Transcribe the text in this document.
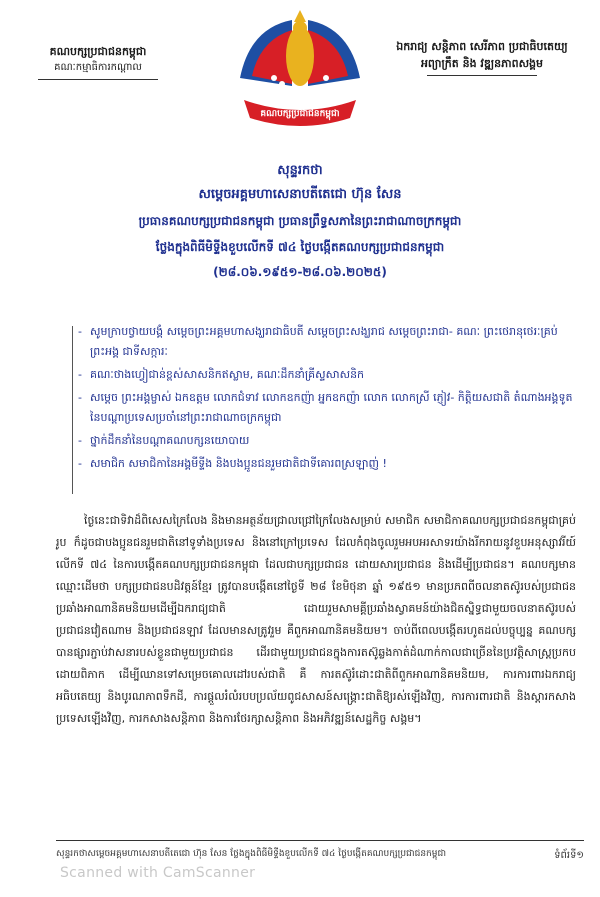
គណបក្សប្រជាជនកម្ពុជា
គណៈកម្មាធិការកណ្តាល
គណបក្សប្រជាជនកម្ពុជា
ឯករាជ្យ សន្តិភាព សេរីភាព ប្រជាធិបតេយ្យ
អព្យាក្រឹត និង វឌ្ឍនភាពសង្គម
សុន្ទរកថា
សម្តេចអគ្គមហាសេនាបតីតេជោ ហ៊ុន សែន
ប្រធានគណបក្សប្រជាជនកម្ពុជា ប្រធានព្រឹទ្ធសភានៃព្រះរាជាណាចក្រកម្ពុជា
ថ្លែងក្នុងពិធីមិទ្ទីងខួបលើកទី ៧៤ ថ្ងៃបង្កើតគណបក្សប្រជាជនកម្ពុជា
(២៨.០៦.១៩៥១-២៨.០៦.២០២៥)
- សូមក្រាបថ្វាយបង្គំ សម្តេចព្រះអគ្គមហាសង្ឃរាជាធិបតី សម្តេចព្រះសង្ឃរាជ សម្តេចព្រះរាជា- គណៈ ព្រះថេរានុថេរៈគ្រប់ព្រះអង្គ ជាទីសក្ការៈ
- គណៈថាងហ្វៀជាន់ខ្ពស់សាសនិកឥស្លាម, គណៈដឹកនាំគ្រីស្ទសាសនិក
- សម្តេច ព្រះអង្គម្ចាស់ ឯកឧត្តម លោកជំទាវ លោកឧកញ៉ា អ្នកឧកញ៉ា លោក លោកស្រី ភ្ញៀវ- កិត្តិយសជាតិ តំណាងអង្គទូតនៃបណ្តាប្រទេសប្រចាំនៅព្រះរាជាណាចក្រកម្ពុជា
- ថ្នាក់ដឹកនាំនៃបណ្តាគណបក្សនយោបាយ
- សមាជិក សមាជិកានៃអង្គមីទ្ទីង និងបងប្អូនជនរួមជាតិជាទីគោរពស្រឡាញ់ !
ថ្ងៃនេះជាទិវាដ៏ពិសេសក្រៃលែង និងមានអត្ថន័យជ្រាលជ្រៅក្រៃលែងសម្រាប់ សមាជិក សមាជិកាគណបក្សប្រជាជនកម្ពុជាគ្រប់រូប ក៏ដូចជាបងប្អូនជនរួមជាតិនៅទូទាំងប្រទេស និងនៅក្រៅប្រទេស ដែលកំពុងចូលរួមអបអរសាទរយ៉ាងរីករាយនូវខួបអនុស្សាវរីយ៍លើកទី ៧៤ នៃការបង្កើតគណបក្សប្រជាជនកម្ពុជា ដែលជាបក្សប្រជាជន ដោយសារប្រជាជន និងដើម្បីប្រជាជន។ គណបក្សមានឈ្មោះដើមថា បក្សប្រជាជនបដិវត្តន៍ខ្មែរ ត្រូវបានបង្កើតនៅថ្ងៃទី ២៨ ខែមិថុនា ឆ្នាំ ១៩៥១ មានប្រភពពីចលនាតស៊ូរបស់ប្រជាជនប្រឆាំងអាណានិគមនិយមដើម្បីឯករាជ្យជាតិ ដោយរួមសាមគ្គីប្រឆាំងស្វាគមន៍យ៉ាងជិតស្និទ្ធជាមួយចលនាតស៊ូរបស់ប្រជាជនវៀតណាម និងប្រជាជនឡាវ ដែលមានសត្រូវរួម គឺពួកអាណានិគមនិយម។ ចាប់ពីពេលបង្កើតរហូតដល់បច្ចុប្បន្ន គណបក្សបានផ្សារភ្ជាប់វាសនារបស់ខ្លួនជាមួយប្រជាជន ដើរជាមួយប្រជាជនក្នុងការតស៊ូឆ្លងកាត់ដំណាក់កាលជាច្រើននៃប្រវត្តិសាស្ត្រប្រកបដោយពិភាក ដើម្បីឈានទៅសម្រេចគោលដៅរបស់ជាតិ គឺ ការតស៊ូរំដោះជាតិពីពួកអាណានិគមនិយម, ការការពារឯករាជ្យ អធិបតេយ្យ និងបូរណភាពទឹកដី, ការផ្តួលរំលំរបបប្រល័យពូជសាសន៍សង្គ្រោះជាតិឱ្យរស់ឡើងវិញ, ការការពារជាតិ និងស្តារកសាងប្រទេសឡើងវិញ, ការកសាងសន្តិភាព និងការថែរក្សាសន្តិភាព និងអភិវឌ្ឍន៍សេដ្ឋកិច្ច សង្គម។
សុន្ទរកថាសម្តេចអគ្គមហាសេនាបតីតេជោ ហ៊ុន សែន ថ្លែងក្នុងពិធីមិទ្ទីងខួបលើកទី ៧៤ ថ្ងៃបង្កើតគណបក្សប្រជាជនកម្ពុជា	ទំព័រទី១
Scanned with CamScanner
